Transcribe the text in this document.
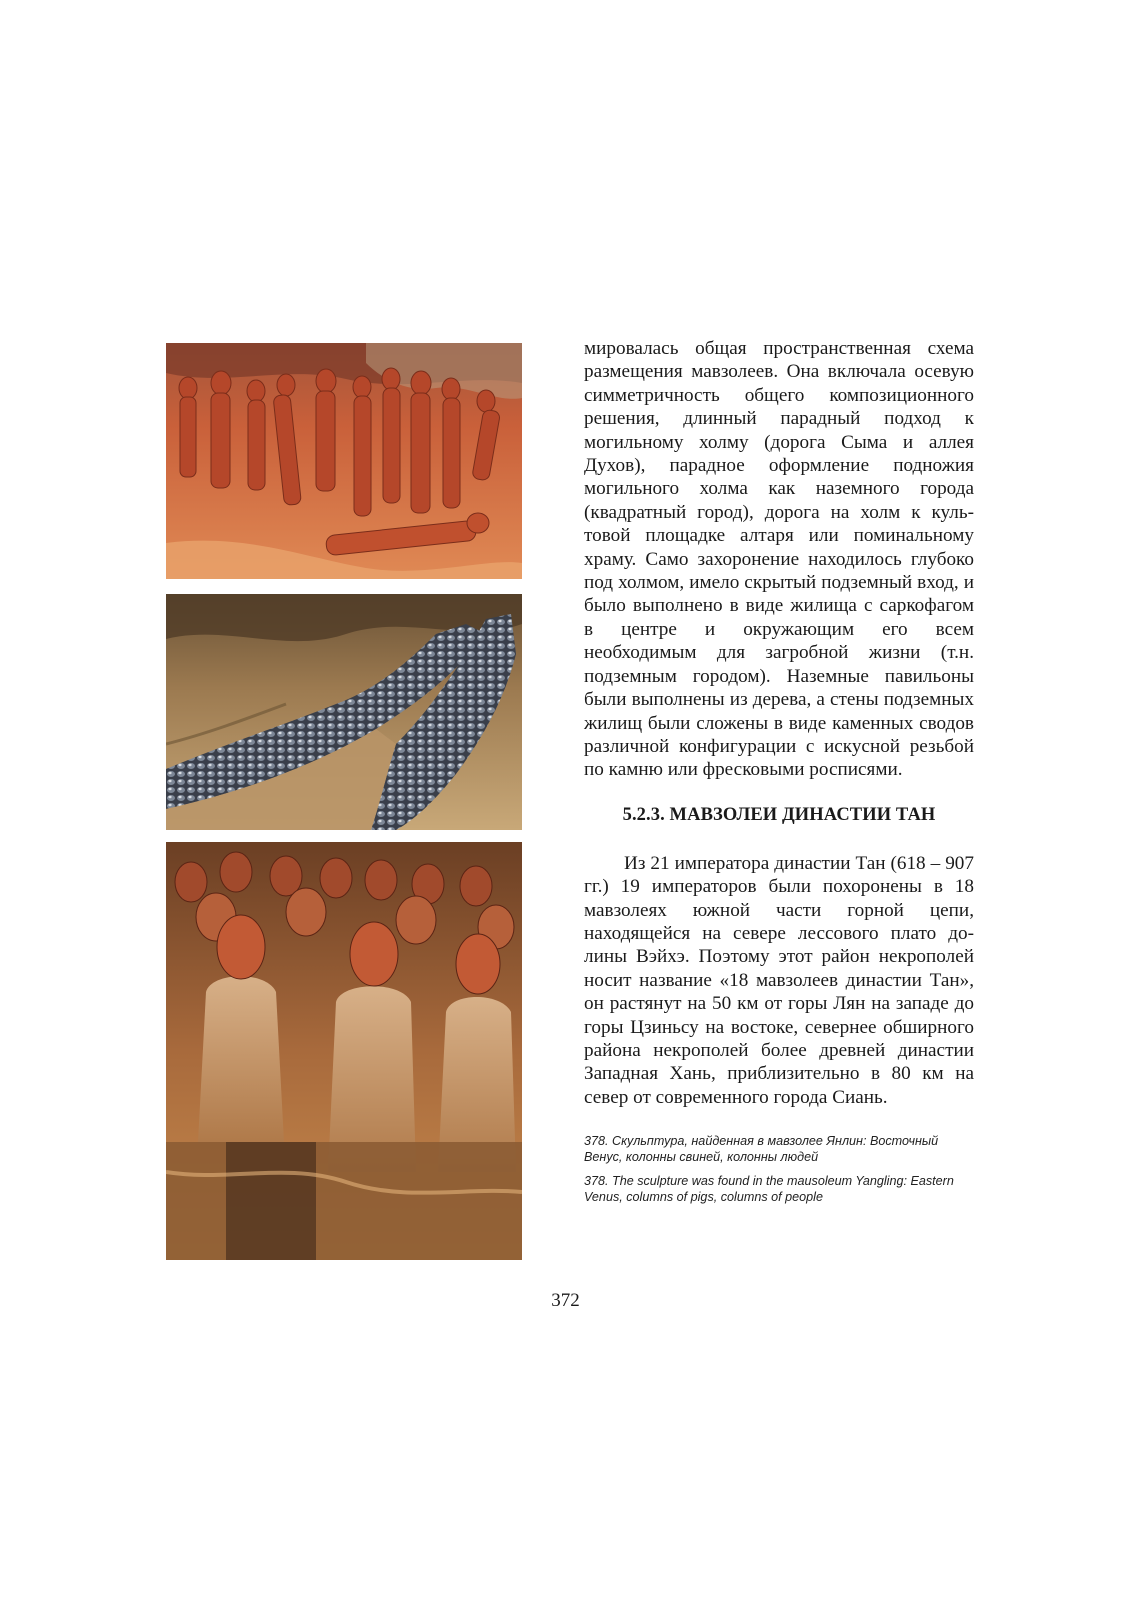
мировалась общая пространственная схема размещения мавзолеев. Она включала осевую симметричность общего композиционного решения, длинный парадный подход к могильному холму (дорога Сыма и аллея Духов), парадное оформление подножия могильного холма как наземного города (квадратный город), дорога на холм к культовой площадке алтаря или поминальному храму. Само захоронение находилось глубоко под холмом, имело скрытый подземный вход, и было выполнено в виде жилища с саркофагом в центре и окружающим его всем необходимым для загробной жизни (т.н. подземным городом). Наземные павильоны были выполнены из дерева, а стены подземных жилищ были сложены в виде каменных сводов различной конфигурации с искусной резьбой по камню или фресковыми росписями.

5.2.3. МАВЗОЛЕИ ДИНАСТИИ ТАН

Из 21 императора династии Тан (618 – 907 гг.) 19 императоров были похоронены в 18 мавзолеях южной части горной цепи, находящейся на севере лессового плато долины Вэйхэ. Поэтому этот район некрополей носит название «18 мавзолеев династии Тан», он растянут на 50 км от горы Лян на западе до горы Цзиньсу на востоке, севернее обширного района некрополей более древней династии Западная Хань, приблизительно в 80 км на север от современного города Сиань.

378. Скульптура, найденная в мавзолее Янлин: Восточный Венус, колонны свиней, колонны людей

378. The sculpture was found in the mausoleum Yangling: Eastern Venus, columns of pigs, columns of people

372
